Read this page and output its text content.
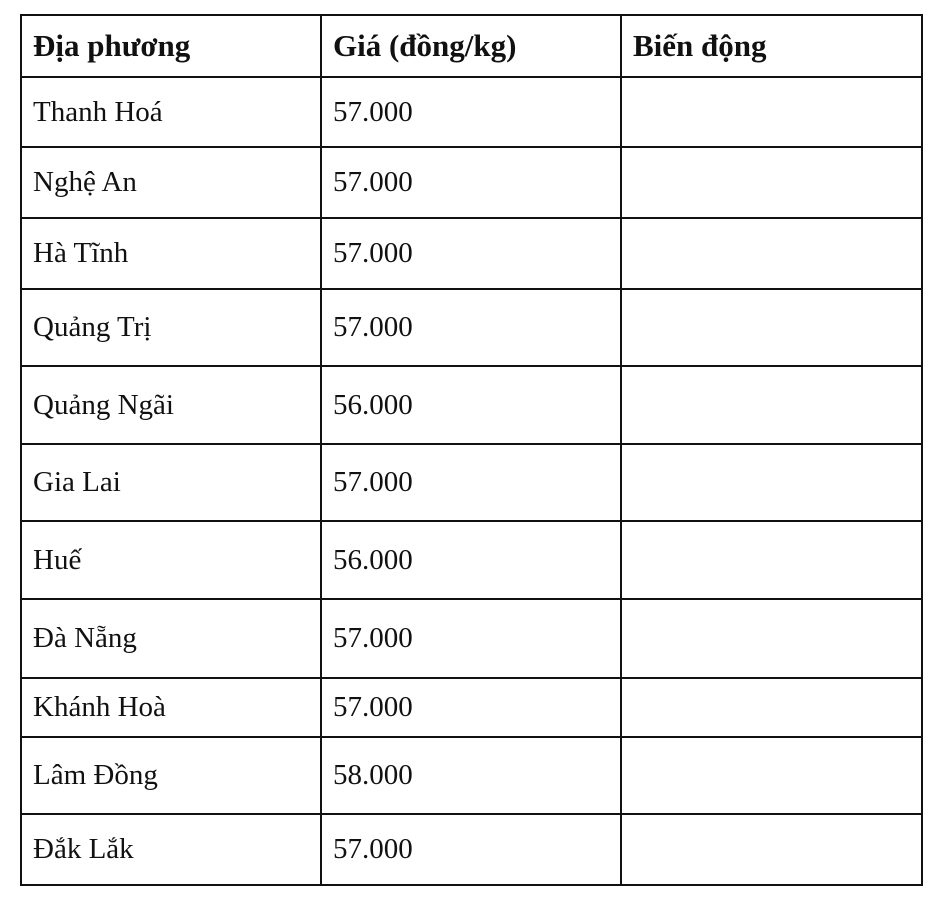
Địa phương	Giá (đồng/kg)	Biến động
Thanh Hoá	57.000	
Nghệ An	57.000	
Hà Tĩnh	57.000	
Quảng Trị	57.000	
Quảng Ngãi	56.000	
Gia Lai	57.000	
Huế	56.000	
Đà Nẵng	57.000	
Khánh Hoà	57.000	
Lâm Đồng	58.000	
Đắk Lắk	57.000	
